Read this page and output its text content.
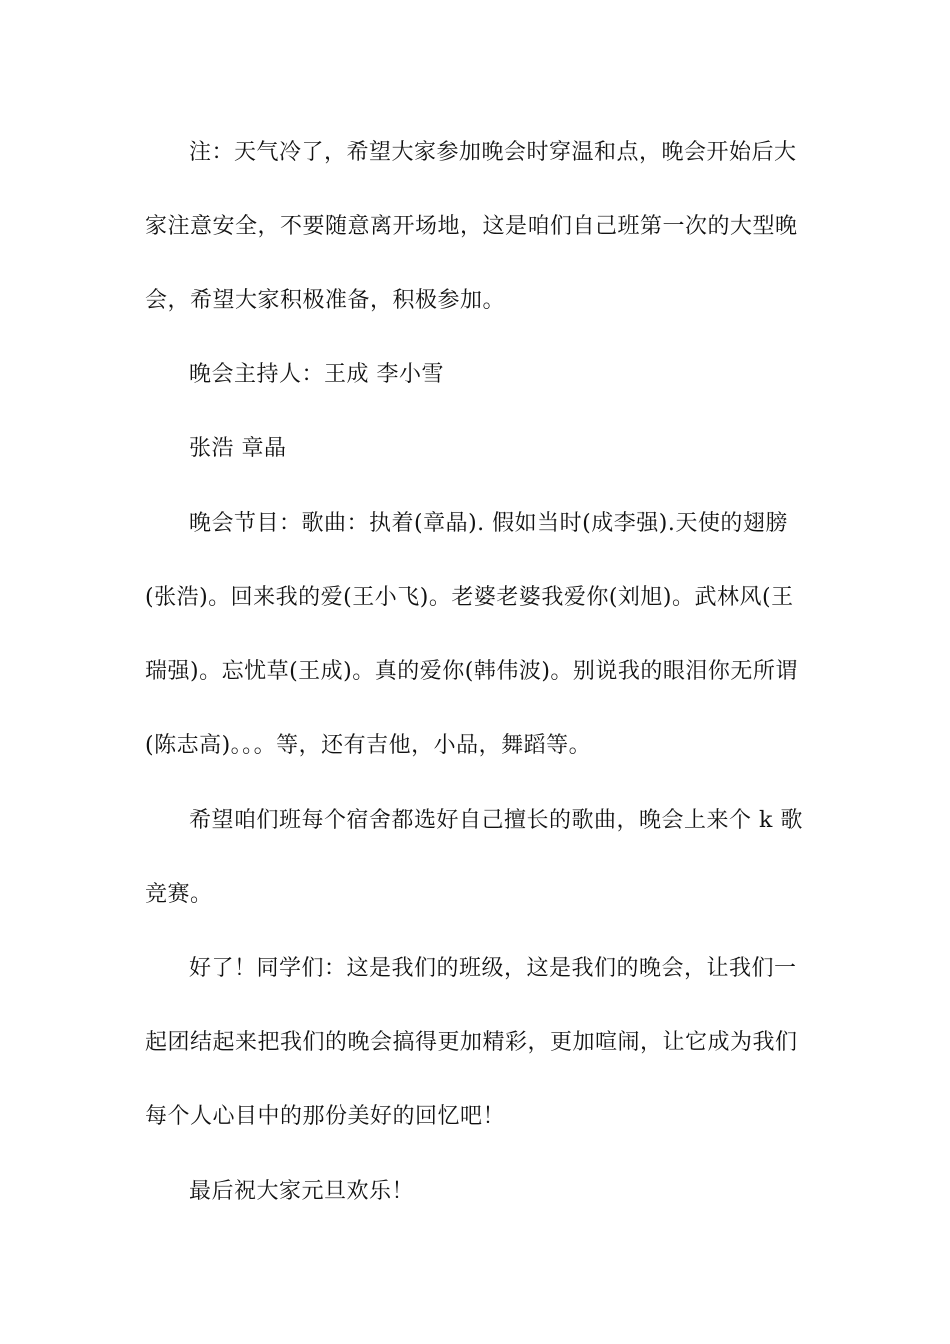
注：天气冷了，希望大家参加晚会时穿温和点，晚会开始后大
家注意安全，不要随意离开场地，这是咱们自己班第一次的大型晚
会，希望大家积极准备，积极参加。
晚会主持人：王成 李小雪
张浩 章晶
晚会节目：歌曲：执着(章晶). 假如当时(成李强).天使的翅膀
(张浩)。回来我的爱(王小飞)。老婆老婆我爱你(刘旭)。武林风(王
瑞强)。忘忧草(王成)。真的爱你(韩伟波)。别说我的眼泪你无所谓
(陈志高)。。。等，还有吉他，小品，舞蹈等。
希望咱们班每个宿舍都选好自己擅长的歌曲，晚会上来个 k 歌
竞赛。
好了！同学们：这是我们的班级，这是我们的晚会，让我们一
起团结起来把我们的晚会搞得更加精彩，更加喧闹，让它成为我们
每个人心目中的那份美好的回忆吧！
最后祝大家元旦欢乐！
